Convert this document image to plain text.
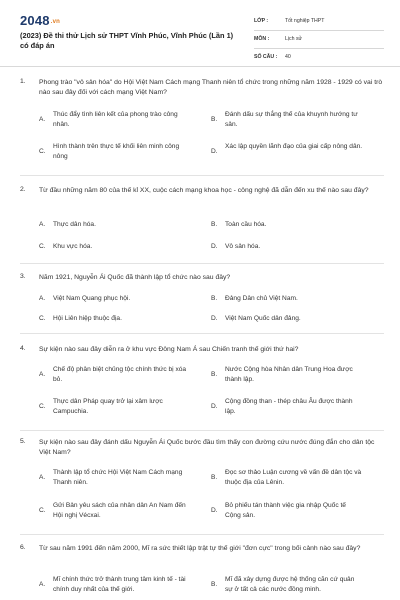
2048.vn
(2023) Đề thi thử Lịch sử THPT Vĩnh Phúc, Vĩnh Phúc (Lần 1) có đáp án
LỚP :	Tốt nghiệp THPT
MÔN :	Lịch sử
SỐ CÂU : 40
1. Phong trào "vô sản hóa" do Hội Việt Nam Cách mạng Thanh niên tổ chức trong những năm 1928 - 1929 có vai trò nào sau đây đối với cách mạng Việt Nam?
A.
Thúc đẩy tình liên kết của phong trào công nhân.
B.
Đánh dấu sự thắng thế của khuynh hướng tư sản.
C.
Hình thành trên thực tế khối liên minh công nông
D.
Xác lập quyền lãnh đạo của giai cấp nông dân.
2. Từ đầu những năm 80 của thế kỉ XX, cuộc cách mạng khoa học - công nghệ đã dẫn đến xu thế nào sau đây?
A. Thực dân hóa.	B. Toàn cầu hóa.
C. Khu vực hóa.	D. Vô sản hóa.
3. Năm 1921, Nguyễn Ái Quốc đã thành lập tổ chức nào sau đây?
A. Việt Nam Quang phục hội.	B. Đảng Dân chủ Việt Nam.
C. Hội Liên hiệp thuộc địa.	D. Việt Nam Quốc dân đảng.
4. Sự kiện nào sau đây diễn ra ở khu vực Đông Nam Á sau Chiến tranh thế giới thứ hai?
A.
Chế độ phân biệt chủng tộc chính thức bị xóa bỏ.
B.
Nước Cộng hòa Nhân dân Trung Hoa được thành lập.
C.
Thực dân Pháp quay trở lại xâm lược Campuchia.
D.
Cộng đồng than - thép châu Âu được thành lập.
5. Sự kiện nào sau đây đánh dấu Nguyễn Ái Quốc bước đầu tìm thấy con đường cứu nước đúng đắn cho dân tộc Việt Nam?
A.
Thành lập tổ chức Hội Việt Nam Cách mạng Thanh niên.
B.
Đọc sơ thảo Luận cương về vấn đề dân tộc và thuộc địa của Lênin.
C.
Gửi Bản yêu sách của nhân dân An Nam đến Hội nghị Vécxai.
D.
Bỏ phiếu tán thành việc gia nhập Quốc tế Cộng sản.
6. Từ sau năm 1991 đến năm 2000, Mĩ ra sức thiết lập trật tự thế giới "đơn cực" trong bối cảnh nào sau đây?
A.
Mĩ chính thức trở thành trung tâm kinh tế - tài chính duy nhất của thế giới.
B.
Mĩ đã xây dựng được hệ thống căn cứ quân sự ở tất cả các nước đồng minh.
